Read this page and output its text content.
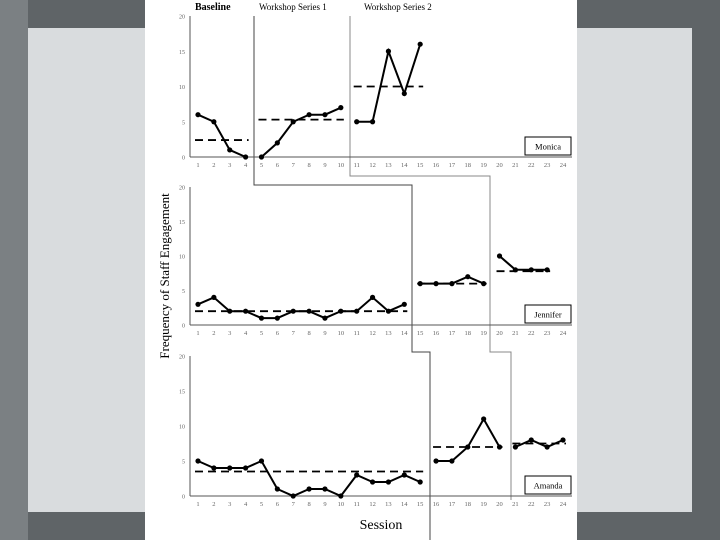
Baseline	Workshop Series 1	Workshop Series 2
Frequency of Staff Engagement
Session
0
5
10
15
20
1 2 3 4 5 6 7 8 9 10 11 12 13 14 15 16 17 18 19 20 21 22 23 24
Monica
0
5
10
15
20
1 2 3 4 5 6 7 8 9 10 11 12 13 14 15 16 17 18 19 20 21 22 23 24
Jennifer
0
5
10
15
20
1 2 3 4 5 6 7 8 9 10 11 12 13 14 15 16 17 18 19 20 21 22 23 24
Amanda
